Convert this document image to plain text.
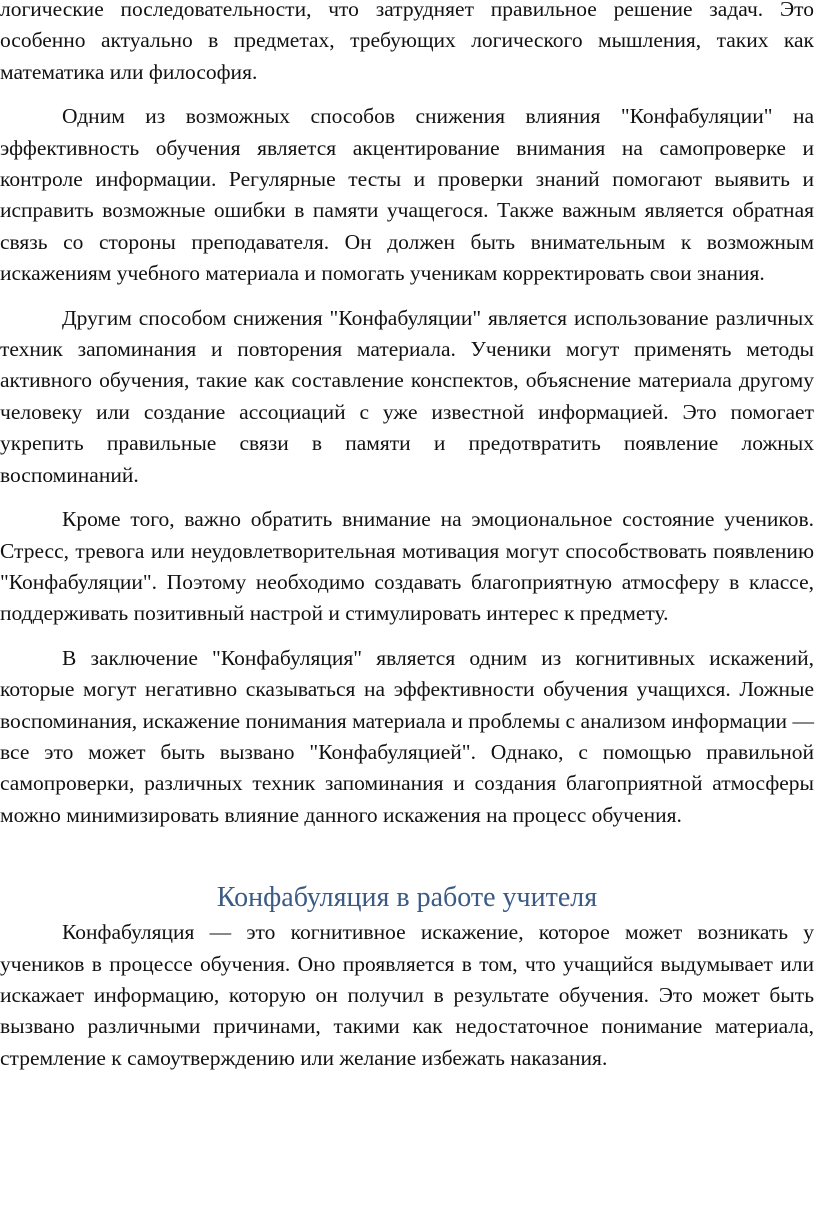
логические последовательности, что затрудняет правильное решение задач. Это особенно актуально в предметах, требующих логического мышления, таких как математика или философия.

Одним из возможных способов снижения влияния "Конфабуляции" на эффективность обучения является акцентирование внимания на самопроверке и контроле информации. Регулярные тесты и проверки знаний помогают выявить и исправить возможные ошибки в памяти учащегося. Также важным является обратная связь со стороны преподавателя. Он должен быть внимательным к возможным искажениям учебного материала и помогать ученикам корректировать свои знания.

Другим способом снижения "Конфабуляции" является использование различных техник запоминания и повторения материала. Ученики могут применять методы активного обучения, такие как составление конспектов, объяснение материала другому человеку или создание ассоциаций с уже известной информацией. Это помогает укрепить правильные связи в памяти и предотвратить появление ложных воспоминаний.

Кроме того, важно обратить внимание на эмоциональное состояние учеников. Стресс, тревога или неудовлетворительная мотивация могут способствовать появлению "Конфабуляции". Поэтому необходимо создавать благоприятную атмосферу в классе, поддерживать позитивный настрой и стимулировать интерес к предмету.

В заключение "Конфабуляция" является одним из когнитивных искажений, которые могут негативно сказываться на эффективности обучения учащихся. Ложные воспоминания, искажение понимания материала и проблемы с анализом информации — все это может быть вызвано "Конфабуляцией". Однако, с помощью правильной самопроверки, различных техник запоминания и создания благоприятной атмосферы можно минимизировать влияние данного искажения на процесс обучения.

Конфабуляция в работе учителя

Конфабуляция — это когнитивное искажение, которое может возникать у учеников в процессе обучения. Оно проявляется в том, что учащийся выдумывает или искажает информацию, которую он получил в результате обучения. Это может быть вызвано различными причинами, такими как недостаточное понимание материала, стремление к самоутверждению или желание избежать наказания.
